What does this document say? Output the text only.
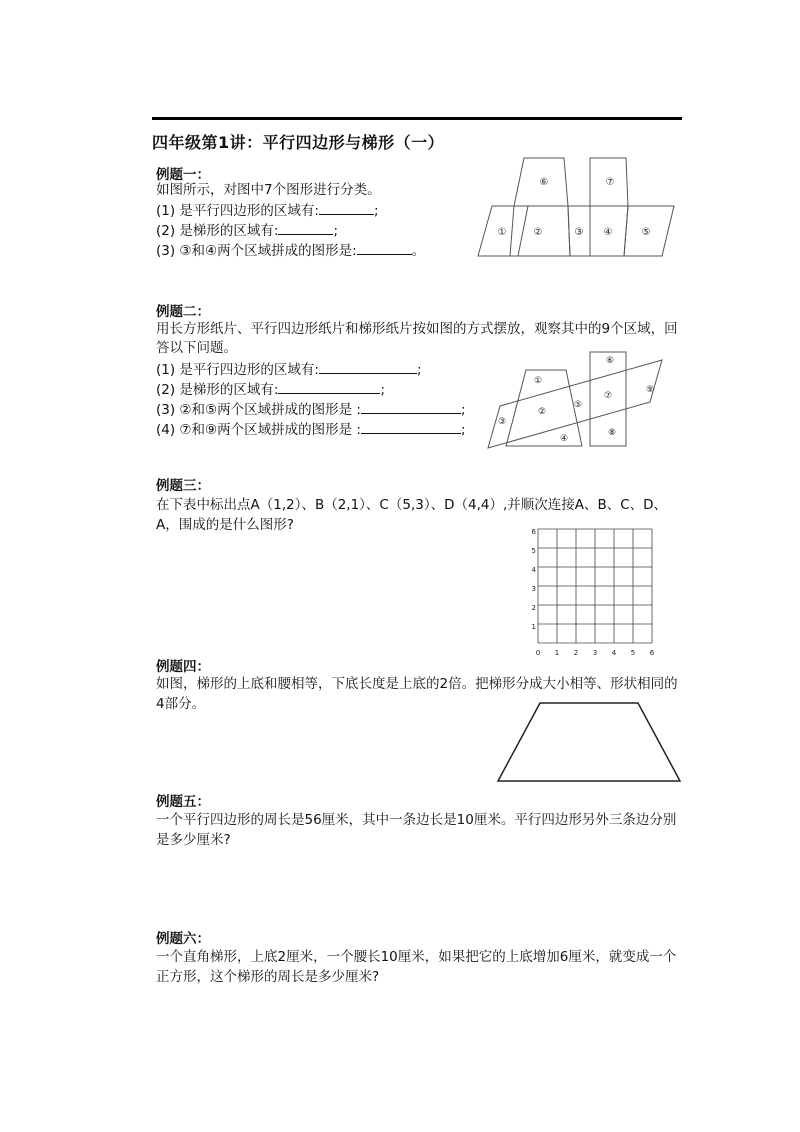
四年级第1讲：平行四边形与梯形（一）
例题一：
如图所示，对图中7个图形进行分类。
(1) 是平行四边形的区域有:	;
(2) 是梯形的区域有:	;
(3) ③和④两个区域拼成的图形是:	。
⑥	⑦
①	②	③ ④	⑤
例题二：
用长方形纸片、平行四边形纸片和梯形纸片按如图的方式摆放，观察其中的9个区域，回答以下问题。
(1) 是平行四边形的区域有:	;
(2) 是梯形的区域有:	;
(3) ②和⑤两个区域拼成的图形是 :	;
(4) ⑦和⑨两个区域拼成的图形是 :	;
⑥
①
⑦
⑨
②
⑤
③
⑧
④
例题三：
在下表中标出点A（1,2）、B（2,1）、C（5,3）、D（4,4）,并顺次连接A、B、C、D、A，围成的是什么图形?
0 1 2 3 4 5 6
1
2
3
4
5
6
例题四：
如图，梯形的上底和腰相等，下底长度是上底的2倍。把梯形分成大小相等、形状相同的4部分。
例题五：
一个平行四边形的周长是56厘米，其中一条边长是10厘米。平行四边形另外三条边分别是多少厘米?
例题六：
一个直角梯形，上底2厘米，一个腰长10厘米，如果把它的上底增加6厘米，就变成一个正方形，这个梯形的周长是多少厘米?
